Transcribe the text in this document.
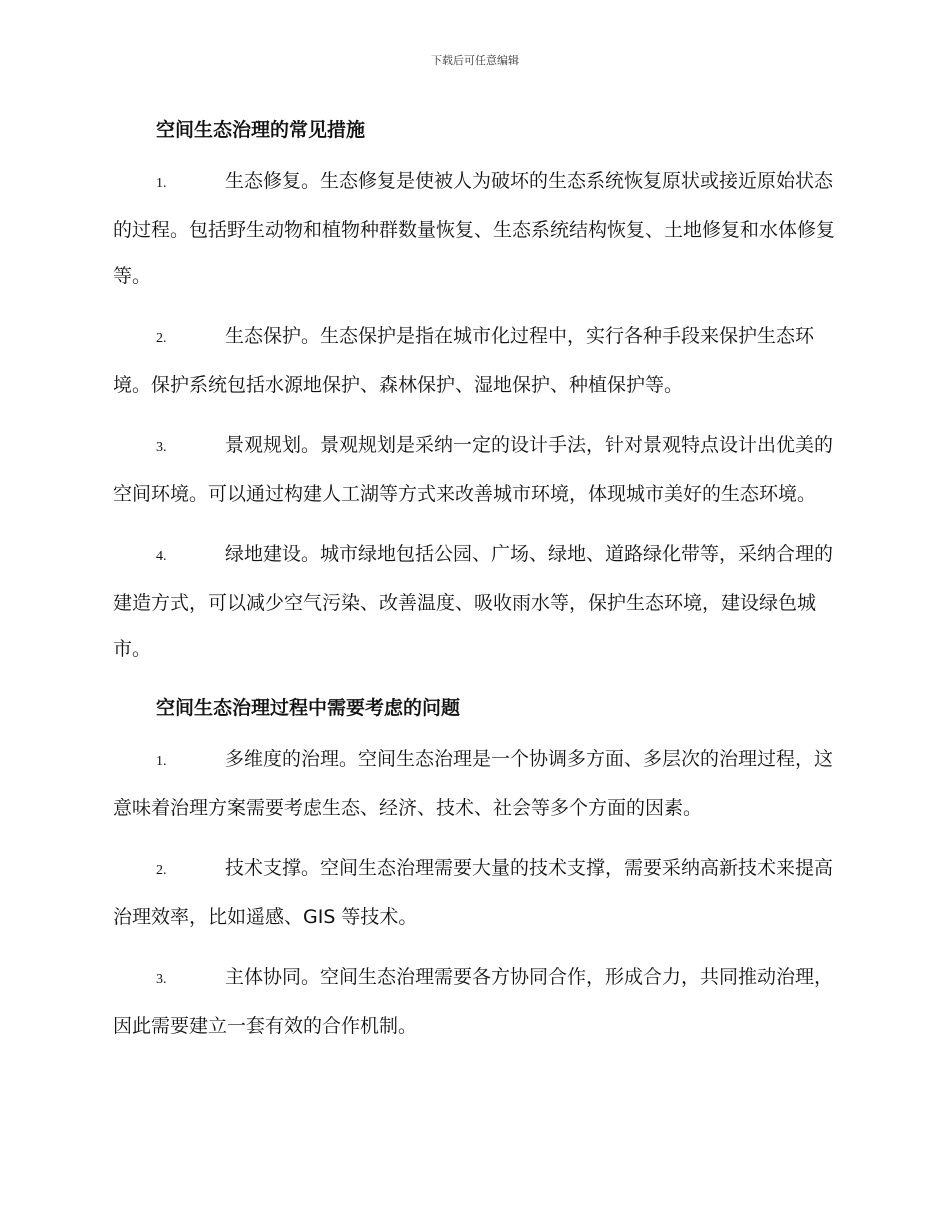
下载后可任意编辑
空间生态治理的常见措施
1.	生态修复。生态修复是使被人为破坏的生态系统恢复原状或接近原始状态的过程。包括野生动物和植物种群数量恢复、生态系统结构恢复、土地修复和水体修复等。
2.	生态保护。生态保护是指在城市化过程中，实行各种手段来保护生态环境。保护系统包括水源地保护、森林保护、湿地保护、种植保护等。
3.	景观规划。景观规划是采纳一定的设计手法，针对景观特点设计出优美的空间环境。可以通过构建人工湖等方式来改善城市环境，体现城市美好的生态环境。
4.	绿地建设。城市绿地包括公园、广场、绿地、道路绿化带等，采纳合理的建造方式，可以减少空气污染、改善温度、吸收雨水等，保护生态环境，建设绿色城市。
空间生态治理过程中需要考虑的问题
1.	多维度的治理。空间生态治理是一个协调多方面、多层次的治理过程，这意味着治理方案需要考虑生态、经济、技术、社会等多个方面的因素。
2.	技术支撑。空间生态治理需要大量的技术支撑，需要采纳高新技术来提高治理效率，比如遥感、GIS 等技术。
3.	主体协同。空间生态治理需要各方协同合作，形成合力，共同推动治理，因此需要建立一套有效的合作机制。
